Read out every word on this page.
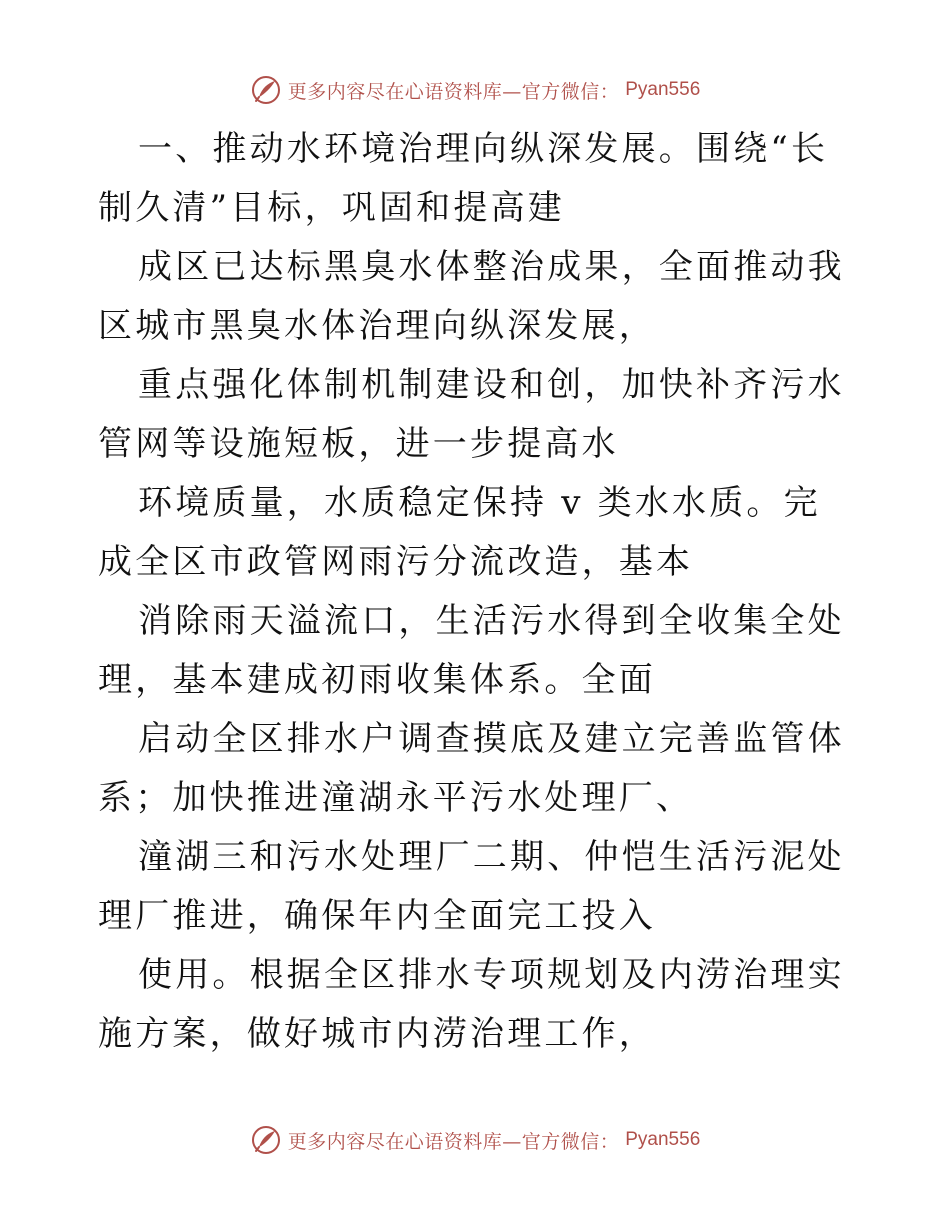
更多内容尽在心语资料库—官方微信： Pyan556

一、推动水环境治理向纵深发展。围绕“长制久清”目标，巩固和提高建

成区已达标黑臭水体整治成果，全面推动我区城市黑臭水体治理向纵深发展，

重点强化体制机制建设和创，加快补齐污水管网等设施短板，进一步提高水

环境质量，水质稳定保持 v 类水水质。完成全区市政管网雨污分流改造，基本

消除雨天溢流口，生活污水得到全收集全处理，基本建成初雨收集体系。全面

启动全区排水户调查摸底及建立完善监管体系；加快推进潼湖永平污水处理厂、

潼湖三和污水处理厂二期、仲恺生活污泥处理厂推进，确保年内全面完工投入

使用。根据全区排水专项规划及内涝治理实施方案，做好城市内涝治理工作，

更多内容尽在心语资料库—官方微信： Pyan556
